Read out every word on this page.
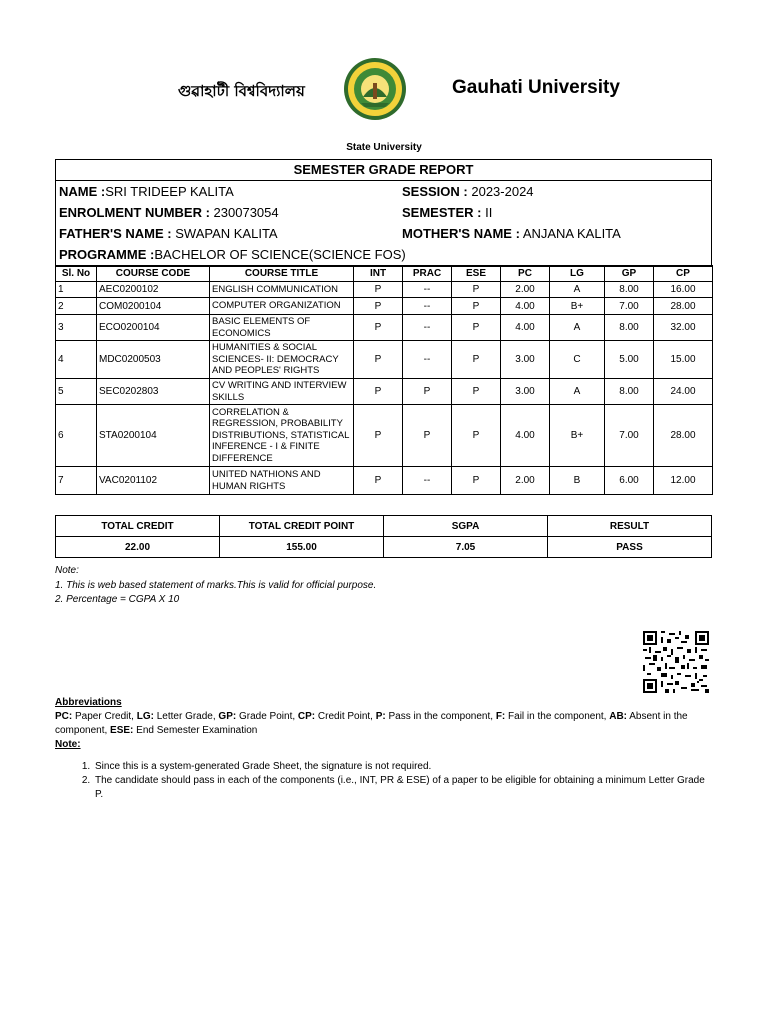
গুৱাহাটী বিশ্ববিদ্যালয়	Gauhati University
State University
SEMESTER GRADE REPORT
NAME :SRI TRIDEEP KALITA	SESSION : 2023-2024
ENROLMENT NUMBER : 230073054	SEMESTER : II
FATHER'S NAME : SWAPAN KALITA	MOTHER'S NAME : ANJANA KALITA
PROGRAMME :BACHELOR OF SCIENCE(SCIENCE FOS)
Sl. No	COURSE CODE	COURSE TITLE	INT	PRAC	ESE	PC	LG	GP	CP
1	AEC0200102	ENGLISH COMMUNICATION	P	--	P	2.00	A	8.00	16.00
2	COM0200104	COMPUTER ORGANIZATION	P	--	P	4.00	B+	7.00	28.00
3	ECO0200104	BASIC ELEMENTS OF ECONOMICS	P	--	P	4.00	A	8.00	32.00
4	MDC0200503	HUMANITIES & SOCIAL SCIENCES- II: DEMOCRACY AND PEOPLES' RIGHTS	P	--	P	3.00	C	5.00	15.00
5	SEC0202803	CV WRITING AND INTERVIEW SKILLS	P	P	P	3.00	A	8.00	24.00
6	STA0200104	CORRELATION & REGRESSION, PROBABILITY DISTRIBUTIONS, STATISTICAL INFERENCE - I & FINITE DIFFERENCE	P	P	P	4.00	B+	7.00	28.00
7	VAC0201102	UNITED NATHIONS AND HUMAN RIGHTS	P	--	P	2.00	B	6.00	12.00
TOTAL CREDIT	TOTAL CREDIT POINT	SGPA	RESULT
22.00	155.00	7.05	PASS
Note:
1. This is web based statement of marks.This is valid for official purpose.
2. Percentage = CGPA X 10
Abbreviations
PC: Paper Credit, LG: Letter Grade, GP: Grade Point, CP: Credit Point, P: Pass in the component, F: Fail in the component, AB: Absent in the component, ESE: End Semester Examination
Note:
1. Since this is a system-generated Grade Sheet, the signature is not required.
2. The candidate should pass in each of the components (i.e., INT, PR & ESE) of a paper to be eligible for obtaining a minimum Letter Grade P.
